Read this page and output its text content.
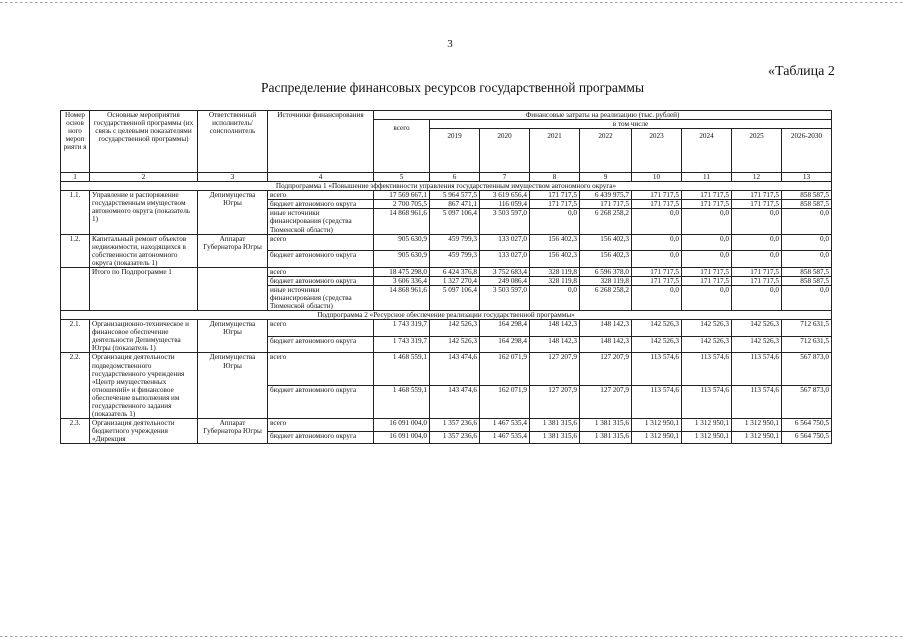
3
«Таблица 2
Распределение финансовых ресурсов государственной программы
Номер основ ного мероп рияти я	Основные мероприятия государственной программы (их связь с целевыми показателями государственной программы)	Ответственный исполнитель/ соисполнитель	Источники финансирования	Финансовые затраты на реализацию (тыс. рублей)								
				всего	в том числе							
					2019	2020	2021	2022	2023	2024	2025	2026-2030
1	2	3	4	5	6	7	8	9	10	11	12	13
Подпрограмма 1 «Повышение эффективности управления государственным имуществом автономного округа»												
1.1.	Управление и распоряжение государственным имуществом автономного округа (показатель 1)	Депимущества Югры	всего	17 569 667,1	5 964 577,5	3 619 656,4	171 717,5	6 439 975,7	171 717,5	171 717,5	171 717,5	858 587,5
			бюджет автономного округа	2 700 705,5	867 471,1	116 059,4	171 717,5	171 717,5	171 717,5	171 717,5	171 717,5	858 587,5
			иные источники финансирования (средства Тюменской области)	14 868 961,6	5 097 106,4	3 503 597,0	0,0	6 268 258,2	0,0	0,0	0,0	0,0
1.2.	Капитальный ремонт объектов недвижимости, находящихся в собственности автономного округа (показатель 1)	Аппарат Губернатора Югры	всего	905 630,9	459 799,3	133 027,0	156 402,3	156 402,3	0,0	0,0	0,0	0,0
			бюджет автономного округа	905 630,9	459 799,3	133 027,0	156 402,3	156 402,3	0,0	0,0	0,0	0,0
	Итого по Подпрограмме 1		всего	18 475 298,0	6 424 376,8	3 752 683,4	328 119,8	6 596 378,0	171 717,5	171 717,5	171 717,5	858 587,5
			бюджет автономного округа	3 606 336,4	1 327 270,4	249 086,4	328 119,8	328 119,8	171 717,5	171 717,5	171 717,5	858 587,5
			иные источники финансирования (средства Тюменской области)	14 868 961,6	5 097 106,4	3 503 597,0	0,0	6 268 258,2	0,0	0,0	0,0	0,0
Подпрограмма 2 «Ресурсное обеспечение реализации государственной программы»												
2.1.	Организационно-техническое и финансовое обеспечение деятельности Депимущества Югры (показатель 1)	Депимущества Югры	всего	1 743 319,7	142 526,3	164 298,4	148 142,3	148 142,3	142 526,3	142 526,3	142 526,3	712 631,5
			бюджет автономного округа	1 743 319,7	142 526,3	164 298,4	148 142,3	148 142,3	142 526,3	142 526,3	142 526,3	712 631,5
2.2.	Организация деятельности подведомственного государственного учреждения «Центр имущественных отношений» и финансовое обеспечение выполнения им государственного задания (показатель 1)	Депимущества Югры	всего	1 468 559,1	143 474,6	162 071,9	127 207,9	127 207,9	113 574,6	113 574,6	113 574,6	567 873,0
			бюджет автономного округа	1 468 559,1	143 474,6	162 071,9	127 207,9	127 207,9	113 574,6	113 574,6	113 574,6	567 873,0
2.3.	Организация деятельности бюджетного учреждения «Дирекция	Аппарат Губернатора Югры	всего	16 091 004,0	1 357 236,6	1 467 535,4	1 381 315,6	1 381 315,6	1 312 950,1	1 312 950,1	1 312 950,1	6 564 750,5
			бюджет автономного округа	16 091 004,0	1 357 236,6	1 467 535,4	1 381 315,6	1 381 315,6	1 312 950,1	1 312 950,1	1 312 950,1	6 564 750,5
